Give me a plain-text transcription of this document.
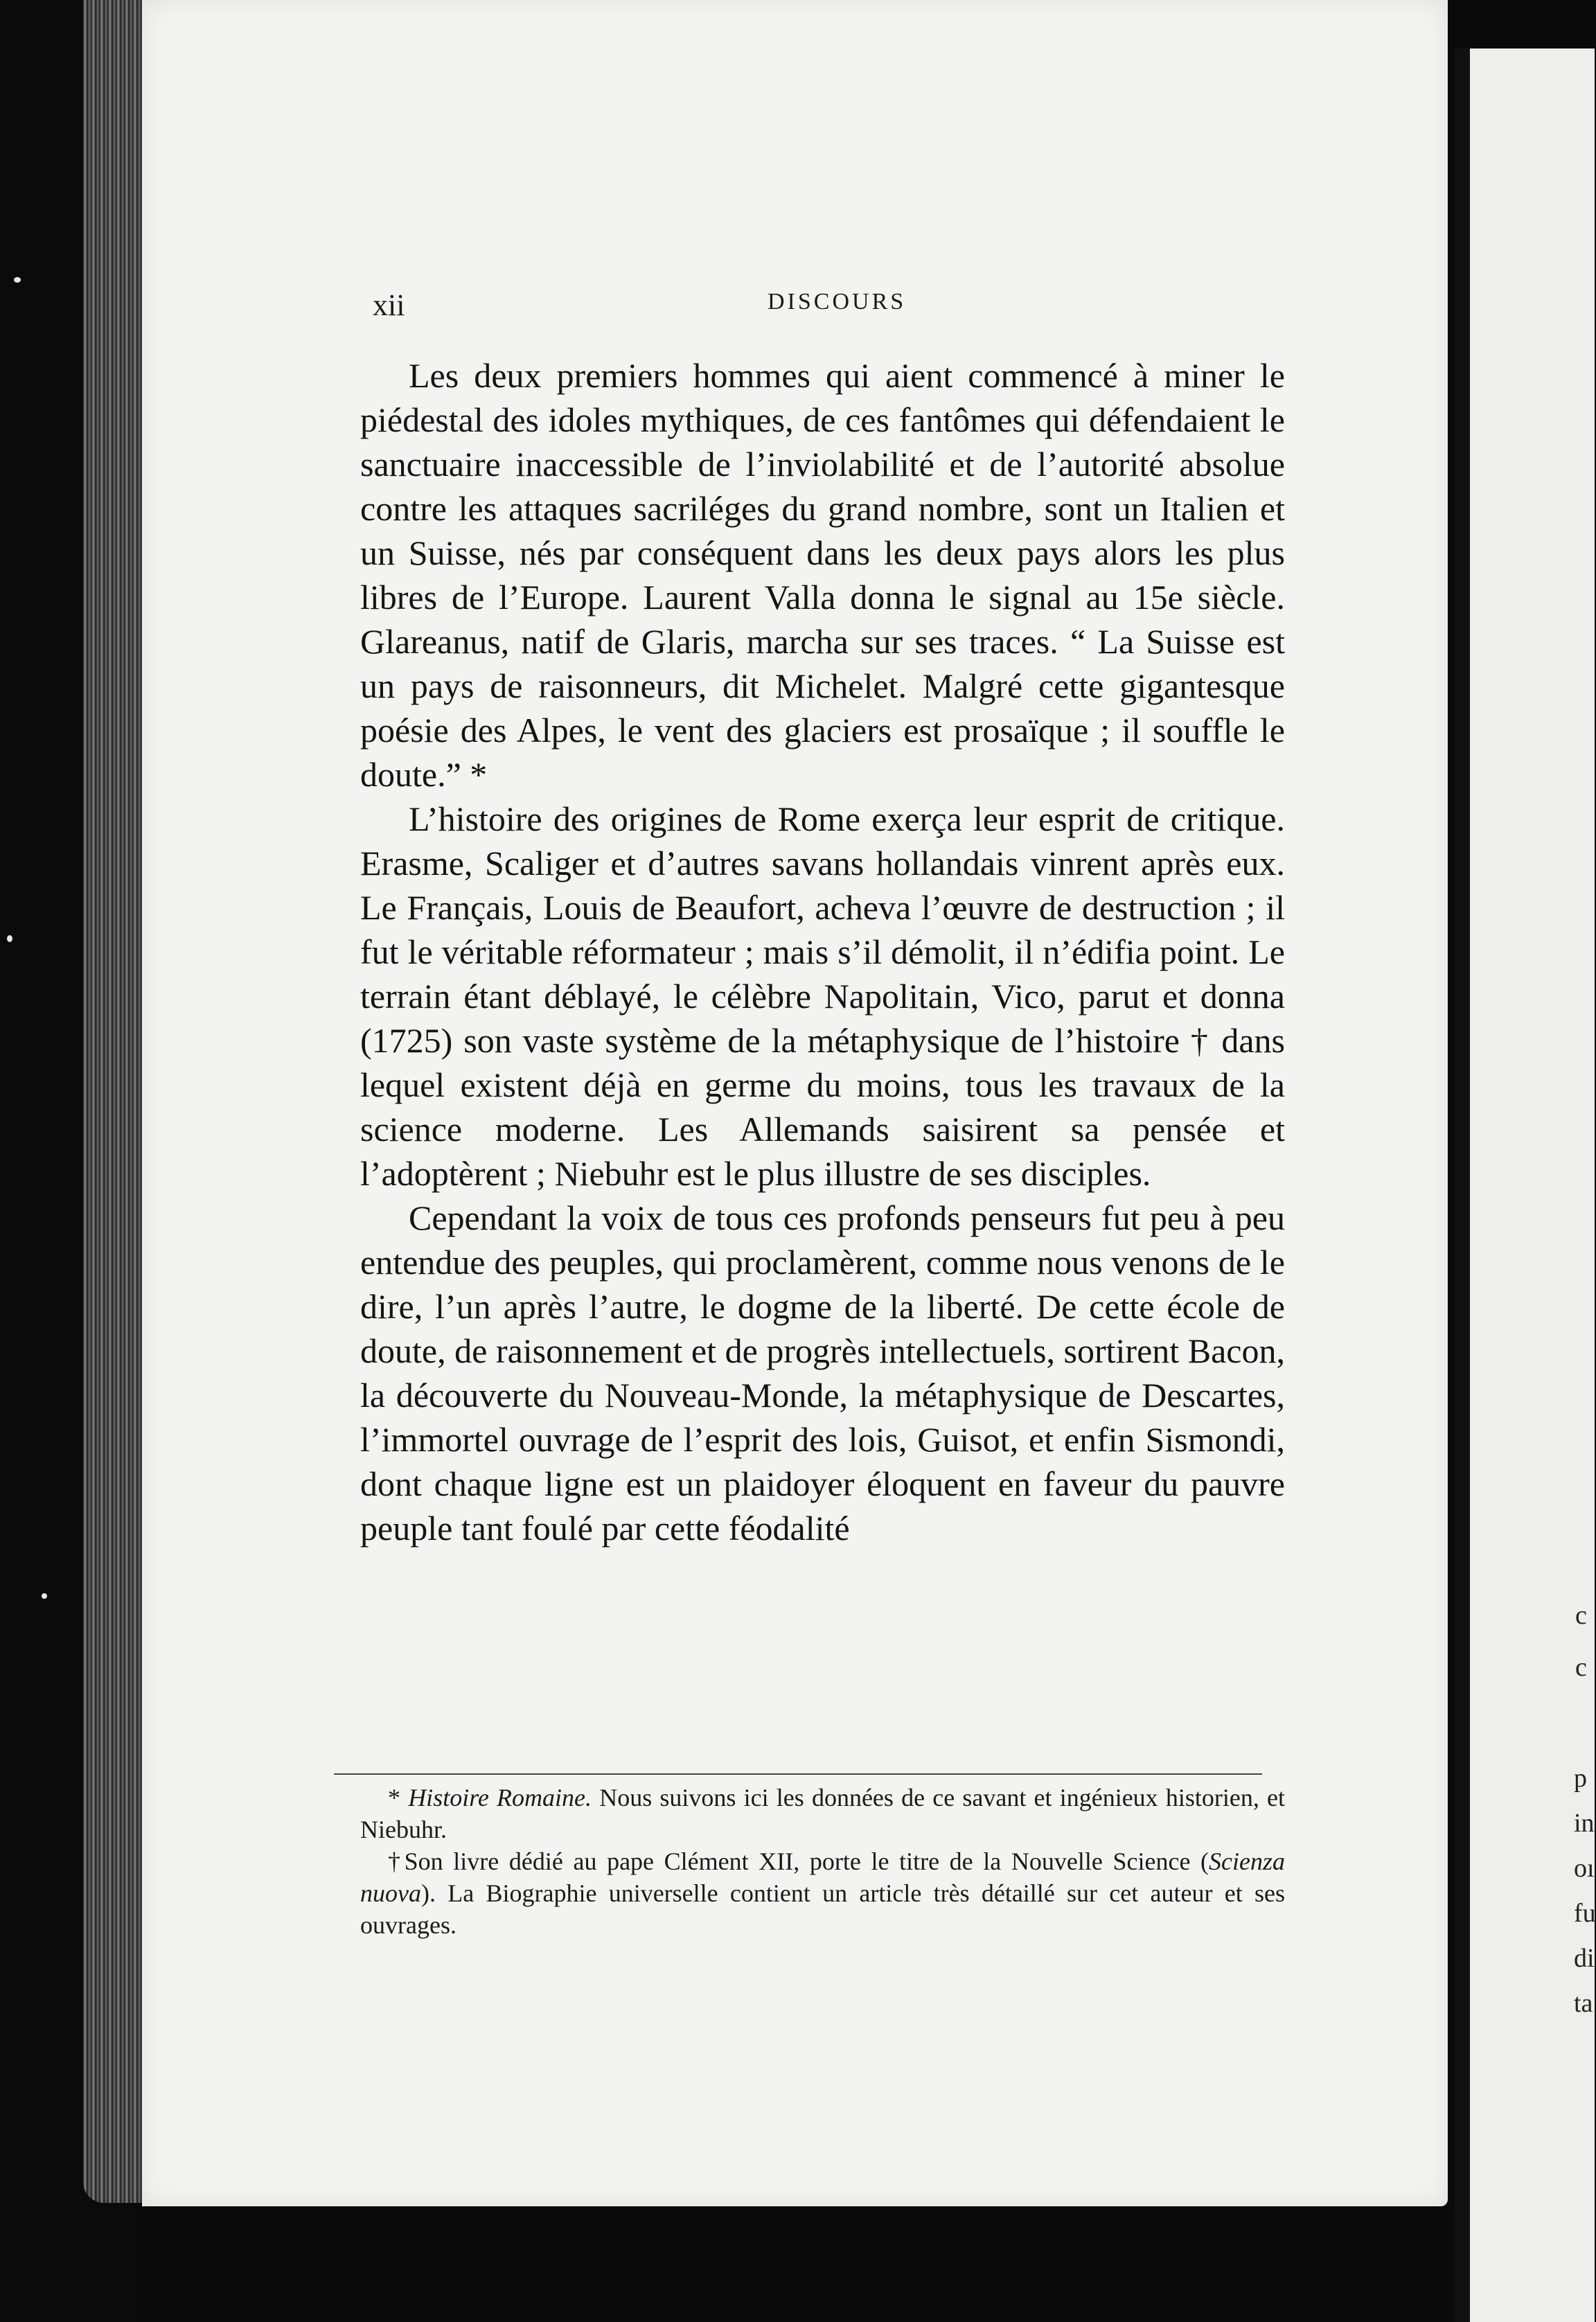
c
c
p
in
oı
fu
di
ta
xii	DISCOURS

Les deux premiers hommes qui aient commencé à miner le piédestal des idoles mythiques, de ces fantômes qui défendaient le sanctuaire inaccessible de l’inviolabilité et de l’autorité absolue contre les attaques sacriléges du grand nombre, sont un Italien et un Suisse, nés par conséquent dans les deux pays alors les plus libres de l’Europe. Laurent Valla donna le signal au 15e siècle. Glareanus, natif de Glaris, marcha sur ses traces. “ La Suisse est un pays de raisonneurs, dit Michelet. Malgré cette gigantesque poésie des Alpes, le vent des glaciers est prosaïque ; il souffle le doute.” *

L’histoire des origines de Rome exerça leur esprit de critique. Erasme, Scaliger et d’autres savans hollandais vinrent après eux. Le Français, Louis de Beaufort, acheva l’œuvre de destruction ; il fut le véritable réformateur ; mais s’il démolit, il n’édifia point. Le terrain étant déblayé, le célèbre Napolitain, Vico, parut et donna (1725) son vaste système de la métaphysique de l’histoire † dans lequel existent déjà en germe du moins, tous les travaux de la science moderne. Les Allemands saisirent sa pensée et l’adoptèrent ; Niebuhr est le plus illustre de ses disciples.

Cependant la voix de tous ces profonds penseurs fut peu à peu entendue des peuples, qui proclamèrent, comme nous venons de le dire, l’un après l’autre, le dogme de la liberté. De cette école de doute, de raisonnement et de progrès intellectuels, sortirent Bacon, la découverte du Nouveau-Monde, la métaphysique de Descartes, l’immortel ouvrage de l’esprit des lois, Guisot, et enfin Sismondi, dont chaque ligne est un plaidoyer éloquent en faveur du pauvre peuple tant foulé par cette féodalité

* Histoire Romaine. Nous suivons ici les données de ce savant et ingénieux historien, et Niebuhr.

†Son livre dédié au pape Clément XII, porte le titre de la Nouvelle Science (Scienza nuova). La Biographie universelle contient un article très détaillé sur cet auteur et ses ouvrages.
